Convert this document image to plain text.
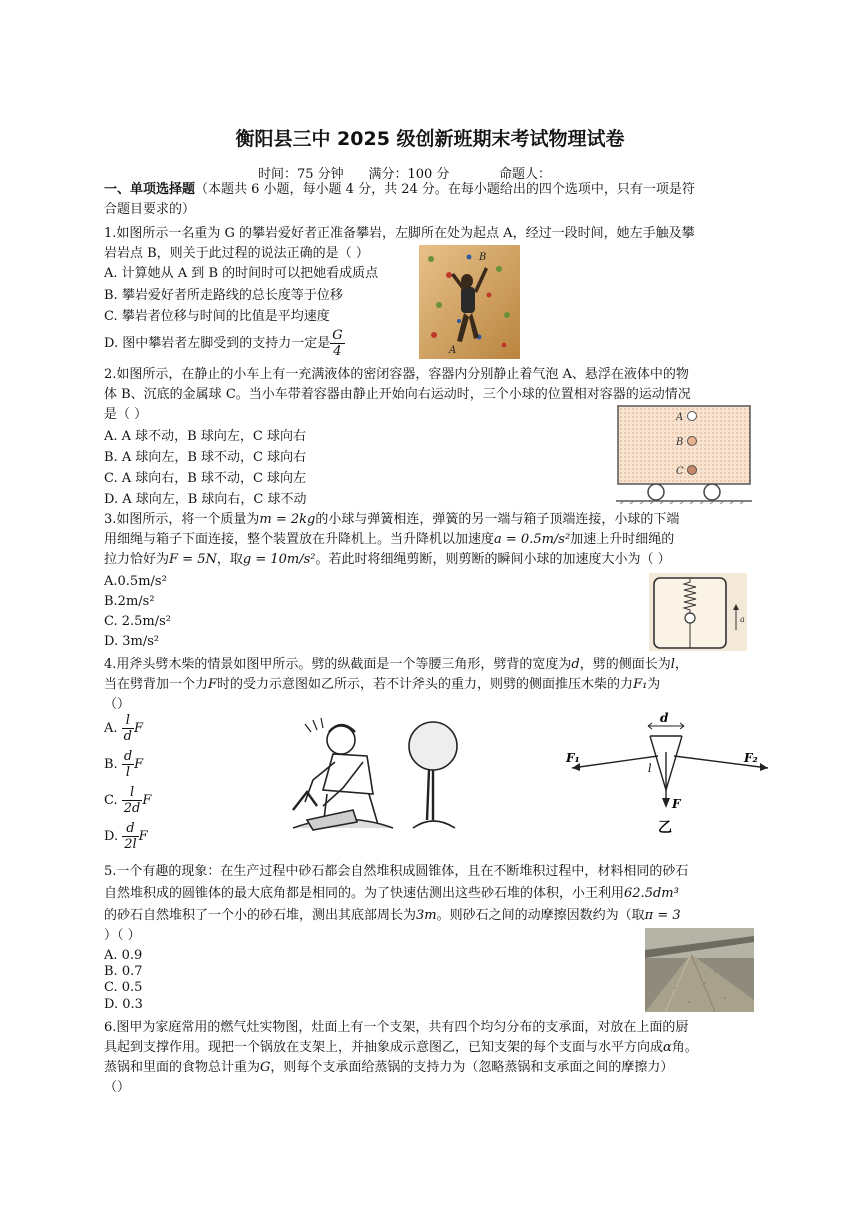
衡阳县三中 2025 级创新班期末考试物理试卷
时间：75 分钟      满分：100 分            命题人：
一、单项选择题（本题共 6 小题，每小题 4 分，共 24 分。在每小题给出的四个选项中，只有一项是符
合题目要求的）
1.如图所示一名重为 G 的攀岩爱好者正准备攀岩，左脚所在处为起点 A，经过一段时间，她左手触及攀
岩岩点 B，则关于此过程的说法正确的是（ ）
A. 计算她从 A 到 B 的时间时可以把她看成质点
B. 攀岩爱好者所走路线的总长度等于位移
C. 攀岩者位移与时间的比值是平均速度
D. 图中攀岩者左脚受到的支持力一定是 $\frac{G}{4}$
B
A
2.如图所示，在静止的小车上有一充满液体的密闭容器，容器内分别静止着气泡 A、悬浮在液体中的物
体 B、沉底的金属球 C。当小车带着容器由静止开始向右运动时，三个小球的位置相对容器的运动情况
是（ ）
A. A 球不动，B 球向左，C 球向右
B. A 球向左，B 球不动，C 球向右
C. A 球向右，B 球不动，C 球向左
D. A 球向左，B 球向右，C 球不动
A
B
C
3.如图所示，将一个质量为m = 2kg的小球与弹簧相连，弹簧的另一端与箱子顶端连接，小球的下端
用细绳与箱子下面连接，整个装置放在升降机上。当升降机以加速度a = 0.5m/s²加速上升时细绳的
拉力恰好为F = 5N，取g = 10m/s²。若此时将细绳剪断，则剪断的瞬间小球的加速度大小为（ ）
A.0.5m/s²
B.2m/s²
C. 2.5m/s²
D. 3m/s²
a
4.用斧头劈木柴的情景如图甲所示。劈的纵截面是一个等腰三角形，劈背的宽度为d，劈的侧面长为l，
当在劈背加一个力F时的受力示意图如乙所示，若不计斧头的重力，则劈的侧面推压木柴的力F₁为
（）
A. $\frac{l}{d}$ F
B. $\frac{d}{l}$ F
C. $\frac{l}{2d}$ F
D. $\frac{d}{2l}$ F
d
l
F₁	F₂
F
乙
5.一个有趣的现象：在生产过程中砂石都会自然堆积成圆锥体，且在不断堆积过程中，材料相同的砂石
自然堆积成的圆锥体的最大底角都是相同的。为了快速估测出这些砂石堆的体积，小王利用62.5dm³
的砂石自然堆积了一个小的砂石堆，测出其底部周长为3m。则砂石之间的动摩擦因数约为（取π = 3
）（ ）
A. 0.9
B. 0.7
C. 0.5
D. 0.3
6.图甲为家庭常用的燃气灶实物图，灶面上有一个支架，共有四个均匀分布的支承面，对放在上面的厨
具起到支撑作用。现把一个锅放在支架上，并抽象成示意图乙，已知支架的每个支面与水平方向成α角。
蒸锅和里面的食物总计重为G，则每个支承面给蒸锅的支持力为（忽略蒸锅和支承面之间的摩擦力）
（）
